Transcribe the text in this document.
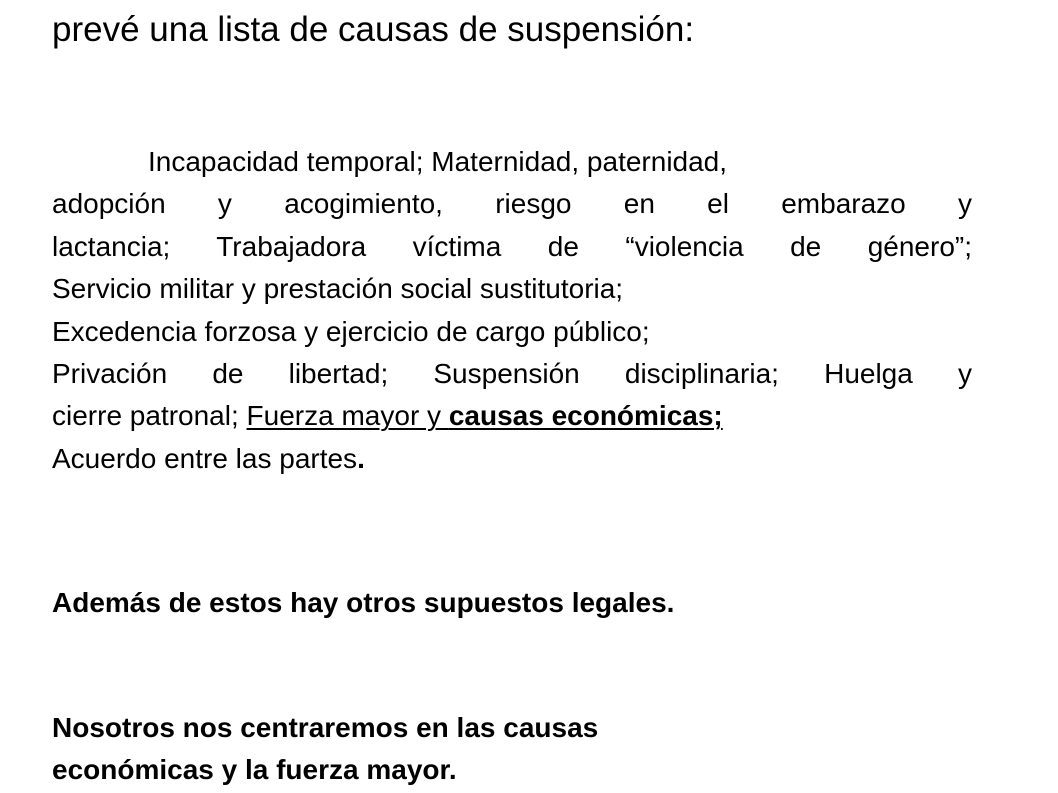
prevé una lista de causas de suspensión:

Incapacidad temporal; Maternidad, paternidad,
adopción y acogimiento, riesgo en el embarazo y
lactancia; Trabajadora víctima de “violencia de género”;
Servicio militar y prestación social sustitutoria;
Excedencia forzosa y ejercicio de cargo público;
Privación de libertad; Suspensión disciplinaria; Huelga y
cierre patronal; Fuerza mayor y causas económicas;
Acuerdo entre las partes.

Además de estos hay otros supuestos legales.

Nosotros nos centraremos en las causas
económicas y la fuerza mayor.
